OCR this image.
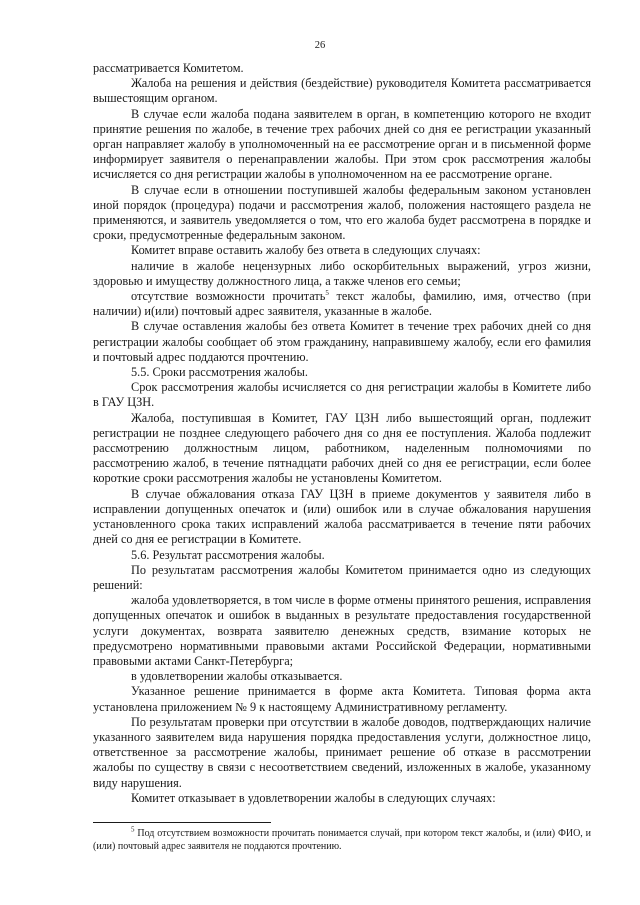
26

рассматривается Комитетом.

Жалоба на решения и действия (бездействие) руководителя Комитета рассматривается вышестоящим органом.

В случае если жалоба подана заявителем в орган, в компетенцию которого не входит принятие решения по жалобе, в течение трех рабочих дней со дня ее регистрации указанный орган направляет жалобу в уполномоченный на ее рассмотрение орган и в письменной форме информирует заявителя о перенаправлении жалобы. При этом срок рассмотрения жалобы исчисляется со дня регистрации жалобы в уполномоченном на ее рассмотрение органе.

В случае если в отношении поступившей жалобы федеральным законом установлен иной порядок (процедура) подачи и рассмотрения жалоб, положения настоящего раздела не применяются, и заявитель уведомляется о том, что его жалоба будет рассмотрена в порядке и сроки, предусмотренные федеральным законом.

Комитет вправе оставить жалобу без ответа в следующих случаях:

наличие в жалобе нецензурных либо оскорбительных выражений, угроз жизни, здоровью и имуществу должностного лица, а также членов его семьи;

отсутствие возможности прочитать$^5$ текст жалобы, фамилию, имя, отчество (при наличии) и(или) почтовый адрес заявителя, указанные в жалобе.

В случае оставления жалобы без ответа Комитет в течение трех рабочих дней со дня регистрации жалобы сообщает об этом гражданину, направившему жалобу, если его фамилия и почтовый адрес поддаются прочтению.

5.5. Сроки рассмотрения жалобы.

Срок рассмотрения жалобы исчисляется со дня регистрации жалобы в Комитете либо в ГАУ ЦЗН.

Жалоба, поступившая в Комитет, ГАУ ЦЗН либо вышестоящий орган, подлежит регистрации не позднее следующего рабочего дня со дня ее поступления. Жалоба подлежит рассмотрению должностным лицом, работником, наделенным полномочиями по рассмотрению жалоб, в течение пятнадцати рабочих дней со дня ее регистрации, если более короткие сроки рассмотрения жалобы не установлены Комитетом.

В случае обжалования отказа ГАУ ЦЗН в приеме документов у заявителя либо в исправлении допущенных опечаток и (или) ошибок или в случае обжалования нарушения установленного срока таких исправлений жалоба рассматривается в течение пяти рабочих дней со дня ее регистрации в Комитете.

5.6. Результат рассмотрения жалобы.

По результатам рассмотрения жалобы Комитетом принимается одно из следующих решений:

жалоба удовлетворяется, в том числе в форме отмены принятого решения, исправления допущенных опечаток и ошибок в выданных в результате предоставления государственной услуги документах, возврата заявителю денежных средств, взимание которых не предусмотрено нормативными правовыми актами Российской Федерации, нормативными правовыми актами Санкт-Петербурга;

в удовлетворении жалобы отказывается.

Указанное решение принимается в форме акта Комитета. Типовая форма акта установлена приложением № 9 к настоящему Административному регламенту.

По результатам проверки при отсутствии в жалобе доводов, подтверждающих наличие указанного заявителем вида нарушения порядка предоставления услуги, должностное лицо, ответственное за рассмотрение жалобы, принимает решение об отказе в рассмотрении жалобы по существу в связи с несоответствием сведений, изложенных в жалобе, указанному виду нарушения.

Комитет отказывает в удовлетворении жалобы в следующих случаях:

$^5$ Под отсутствием возможности прочитать понимается случай, при котором текст жалобы, и (или) ФИО, и (или) почтовый адрес заявителя не поддаются прочтению.
